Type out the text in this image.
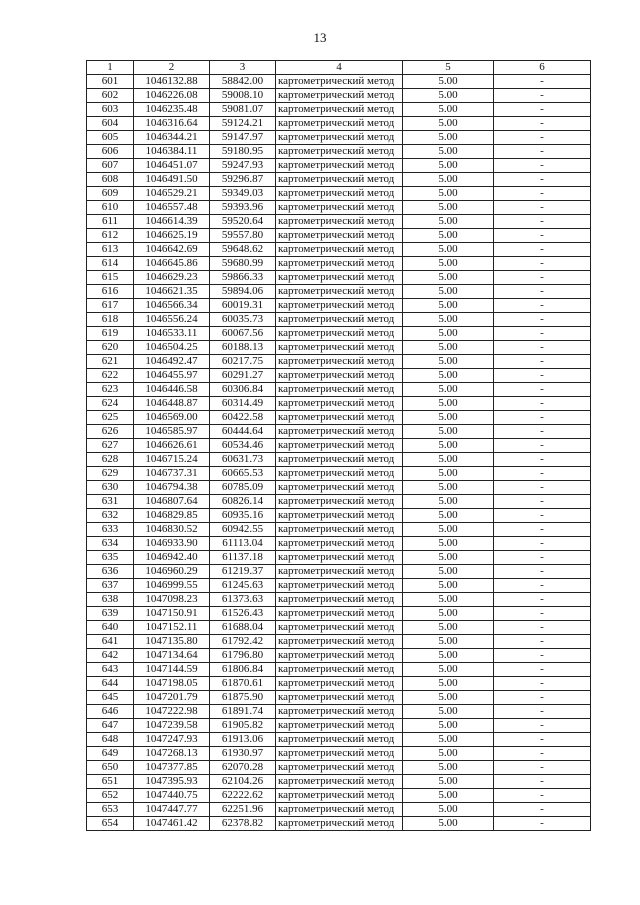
13
1	2	3	4	5	6
601	1046132.88	58842.00	картометрический метод	5.00	-
602	1046226.08	59008.10	картометрический метод	5.00	-
603	1046235.48	59081.07	картометрический метод	5.00	-
604	1046316.64	59124.21	картометрический метод	5.00	-
605	1046344.21	59147.97	картометрический метод	5.00	-
606	1046384.11	59180.95	картометрический метод	5.00	-
607	1046451.07	59247.93	картометрический метод	5.00	-
608	1046491.50	59296.87	картометрический метод	5.00	-
609	1046529.21	59349.03	картометрический метод	5.00	-
610	1046557.48	59393.96	картометрический метод	5.00	-
611	1046614.39	59520.64	картометрический метод	5.00	-
612	1046625.19	59557.80	картометрический метод	5.00	-
613	1046642.69	59648.62	картометрический метод	5.00	-
614	1046645.86	59680.99	картометрический метод	5.00	-
615	1046629.23	59866.33	картометрический метод	5.00	-
616	1046621.35	59894.06	картометрический метод	5.00	-
617	1046566.34	60019.31	картометрический метод	5.00	-
618	1046556.24	60035.73	картометрический метод	5.00	-
619	1046533.11	60067.56	картометрический метод	5.00	-
620	1046504.25	60188.13	картометрический метод	5.00	-
621	1046492.47	60217.75	картометрический метод	5.00	-
622	1046455.97	60291.27	картометрический метод	5.00	-
623	1046446.58	60306.84	картометрический метод	5.00	-
624	1046448.87	60314.49	картометрический метод	5.00	-
625	1046569.00	60422.58	картометрический метод	5.00	-
626	1046585.97	60444.64	картометрический метод	5.00	-
627	1046626.61	60534.46	картометрический метод	5.00	-
628	1046715.24	60631.73	картометрический метод	5.00	-
629	1046737.31	60665.53	картометрический метод	5.00	-
630	1046794.38	60785.09	картометрический метод	5.00	-
631	1046807.64	60826.14	картометрический метод	5.00	-
632	1046829.85	60935.16	картометрический метод	5.00	-
633	1046830.52	60942.55	картометрический метод	5.00	-
634	1046933.90	61113.04	картометрический метод	5.00	-
635	1046942.40	61137.18	картометрический метод	5.00	-
636	1046960.29	61219.37	картометрический метод	5.00	-
637	1046999.55	61245.63	картометрический метод	5.00	-
638	1047098.23	61373.63	картометрический метод	5.00	-
639	1047150.91	61526.43	картометрический метод	5.00	-
640	1047152.11	61688.04	картометрический метод	5.00	-
641	1047135.80	61792.42	картометрический метод	5.00	-
642	1047134.64	61796.80	картометрический метод	5.00	-
643	1047144.59	61806.84	картометрический метод	5.00	-
644	1047198.05	61870.61	картометрический метод	5.00	-
645	1047201.79	61875.90	картометрический метод	5.00	-
646	1047222.98	61891.74	картометрический метод	5.00	-
647	1047239.58	61905.82	картометрический метод	5.00	-
648	1047247.93	61913.06	картометрический метод	5.00	-
649	1047268.13	61930.97	картометрический метод	5.00	-
650	1047377.85	62070.28	картометрический метод	5.00	-
651	1047395.93	62104.26	картометрический метод	5.00	-
652	1047440.75	62222.62	картометрический метод	5.00	-
653	1047447.77	62251.96	картометрический метод	5.00	-
654	1047461.42	62378.82	картометрический метод	5.00	-
